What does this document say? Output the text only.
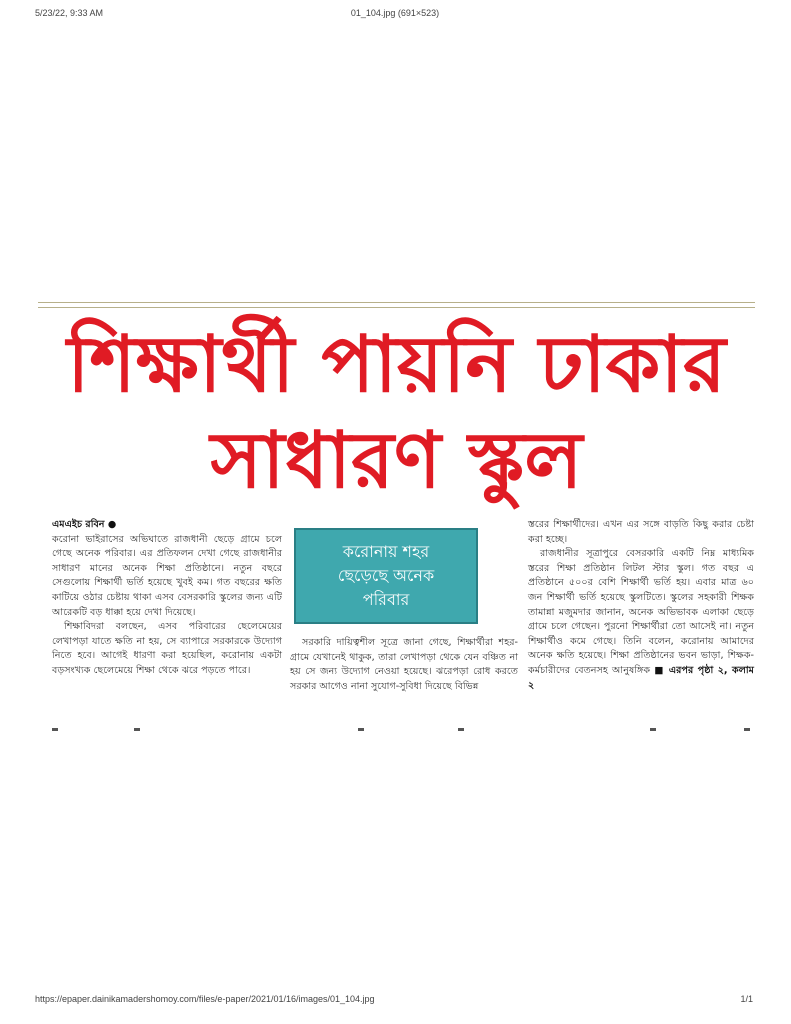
5/23/22, 9:33 AM	01_104.jpg (691×523)
শিক্ষার্থী পায়নি ঢাকার
সাধারণ স্কুল

এমএইচ রবিন ●
করোনা ভাইরাসের অভিঘাতে রাজধানী ছেড়ে গ্রামে চলে গেছে অনেক পরিবার। এর প্রতিফলন দেখা গেছে রাজধানীর সাধারণ মানের অনেক শিক্ষা প্রতিষ্ঠানে। নতুন বছরে সেগুলোয় শিক্ষার্থী ভর্তি হয়েছে খুবই কম। গত বছরের ক্ষতি কাটিয়ে ওঠার চেষ্টায় থাকা এসব বেসরকারি স্কুলের জন্য এটি আরেকটি বড় ধাক্কা হয়ে দেখা দিয়েছে।

শিক্ষাবিদরা বলছেন, এসব পরিবারের ছেলেমেয়ের লেখাপড়া যাতে ক্ষতি না হয়, সে ব্যাপারে সরকারকে উদ্যোগ নিতে হবে। আগেই ধারণা করা হয়েছিল, করোনায় একটা বড়সংখ্যক ছেলেমেয়ে শিক্ষা থেকে ঝরে পড়তে পারে।

করোনায় শহর
ছেড়েছে অনেক
পরিবার

সরকারি দায়িত্বশীল সূত্রে জানা গেছে, শিক্ষার্থীরা শহর-গ্রামে যেখানেই থাকুক, তারা লেখাপড়া থেকে যেন বঞ্চিত না হয় সে জন্য উদ্যোগ নেওয়া হয়েছে। ঝরেপড়া রোধ করতে সরকার আগেও নানা সুযোগ-সুবিধা দিয়েছে বিভিন্ন

স্তরের শিক্ষার্থীদের। এখন এর সঙ্গে বাড়তি কিছু করার চেষ্টা করা হচ্ছে।

রাজধানীর সূত্রাপুরে বেসরকারি একটি নিম্ন মাধ্যমিক স্তরের শিক্ষা প্রতিষ্ঠান লিটল স্টার স্কুল। গত বছর এ প্রতিষ্ঠানে ৫০০র বেশি শিক্ষার্থী ভর্তি হয়। এবার মাত্র ৬০ জন শিক্ষার্থী ভর্তি হয়েছে স্কুলটিতে। স্কুলের সহকারী শিক্ষক তামান্না মজুমদার জানান, অনেক অভিভাবক এলাকা ছেড়ে গ্রামে চলে গেছেন। পুরনো শিক্ষার্থীরা তো আসেই না। নতুন শিক্ষার্থীও কমে গেছে। তিনি বলেন, করোনায় আমাদের অনেক ক্ষতি হয়েছে। শিক্ষা প্রতিষ্ঠানের ভবন ভাড়া, শিক্ষক-কর্মচারীদের বেতনসহ আনুষঙ্গিক ■ এরপর পৃষ্ঠা ২, কলাম ২

https://epaper.dainikamadershomoy.com/files/e-paper/2021/01/16/images/01_104.jpg	1/1
